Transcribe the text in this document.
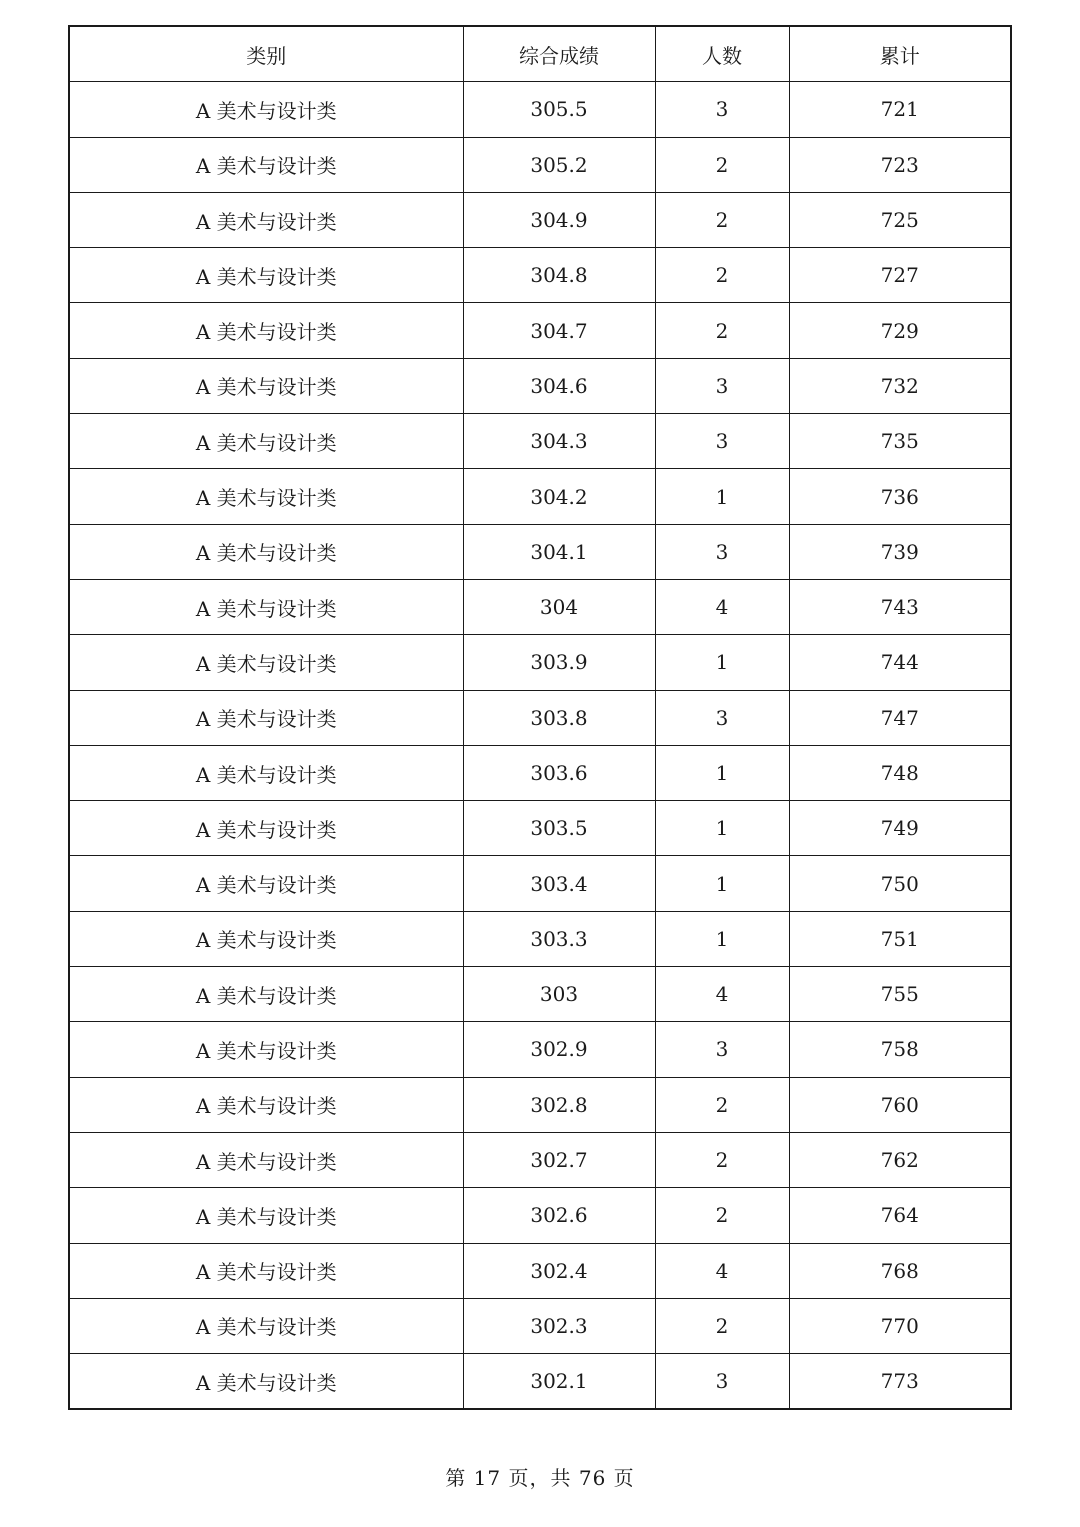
类别	综合成绩	人数	累计
A 美术与设计类	305.5	3	721
A 美术与设计类	305.2	2	723
A 美术与设计类	304.9	2	725
A 美术与设计类	304.8	2	727
A 美术与设计类	304.7	2	729
A 美术与设计类	304.6	3	732
A 美术与设计类	304.3	3	735
A 美术与设计类	304.2	1	736
A 美术与设计类	304.1	3	739
A 美术与设计类	304	4	743
A 美术与设计类	303.9	1	744
A 美术与设计类	303.8	3	747
A 美术与设计类	303.6	1	748
A 美术与设计类	303.5	1	749
A 美术与设计类	303.4	1	750
A 美术与设计类	303.3	1	751
A 美术与设计类	303	4	755
A 美术与设计类	302.9	3	758
A 美术与设计类	302.8	2	760
A 美术与设计类	302.7	2	762
A 美术与设计类	302.6	2	764
A 美术与设计类	302.4	4	768
A 美术与设计类	302.3	2	770
A 美术与设计类	302.1	3	773
第 17 页，共 76 页
